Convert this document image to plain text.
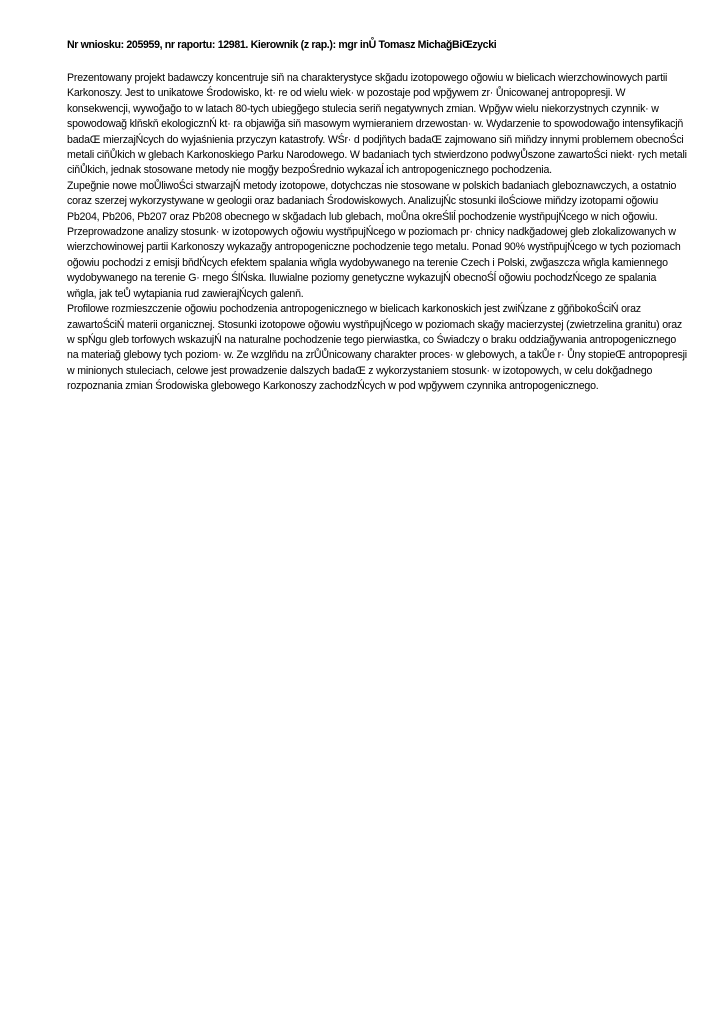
Nr wniosku: 205959, nr raportu: 12981. Kierownik (z rap.): mgr inŮ Tomasz MichağBiŒzycki

Prezentowany projekt badawczy koncentruje siň na charakterystyce skğadu izotopowego oğowiu w bielicach wierzchowinowych partii Karkonoszy. Jest to unikatowe Środowisko, kt· re od wielu wiek· w pozostaje pod wpğywem zr· Ůnicowanej antropopresji. W konsekwencji, wywoğağo to w latach 80-tych ubiegğego stulecia seriň negatywnych zmian. Wpğyw wielu niekorzystnych czynnik· w spowodowağ klňskň ekologicznŃ kt· ra objawiğa siň masowym wymieraniem drzewostan· w. Wydarzenie to spowodowağo intensyfikacjň badaŒ mierzajŃcych do wyjaśnienia przyczyn katastrofy. WŚr· d podjňtych badaŒ zajmowano siň miňdzy innymi problemem obecnoŚci metali ciňŮkich w glebach Karkonoskiego Parku Narodowego. W badaniach tych stwierdzono podwyŮszone zawartoŚci niekt· rych metali ciňŮkich, jednak stosowane metody nie mogğy bezpoŚrednio wykazaĺ ich antropogenicznego pochodzenia.

Zupeğnie nowe moŮliwoŚci stwarzajŃ metody izotopowe, dotychczas nie stosowane w polskich badaniach gleboznawczych, a ostatnio coraz szerzej wykorzystywane w geologii oraz badaniach Środowiskowych. AnalizujŃc stosunki iloŚciowe miňdzy izotopami oğowiu Pb204, Pb206, Pb207 oraz Pb208 obecnego w skğadach lub glebach, moŮna okreŚliĺ pochodzenie wystňpujŃcego w nich oğowiu.

Przeprowadzone analizy stosunk· w izotopowych oğowiu wystňpujŃcego w poziomach pr· chnicy nadkğadowej gleb zlokalizowanych w wierzchowinowej partii Karkonoszy wykazağy antropogeniczne pochodzenie tego metalu. Ponad 90% wystňpujŃcego w tych poziomach oğowiu pochodzi z emisji bňdŃcych efektem spalania wňgla wydobywanego na terenie Czech i Polski, zwğaszcza wňgla kamiennego wydobywanego na terenie G· rnego ŚlŃska. Iluwialne poziomy genetyczne wykazujŃ obecnoŚĺ oğowiu pochodzŃcego ze spalania wňgla, jak teŮ wytapiania rud zawierajŃcych galenň.

Profilowe rozmieszczenie oğowiu pochodzenia antropogenicznego w bielicach karkonoskich jest zwiŃzane z gğňbokoŚciŃ oraz zawartoŚciŃ materii organicznej. Stosunki izotopowe oğowiu wystňpujŃcego w poziomach skağy macierzystej (zwietrzelina granitu) oraz w spŃgu gleb torfowych wskazujŃ na naturalne pochodzenie tego pierwiastka, co Świadczy o braku oddziağywania antropogenicznego na materiağ glebowy tych poziom· w. Ze wzglňdu na zrŮŮnicowany charakter proces· w glebowych, a takŮe r· Ůny stopieŒ antropopresji w minionych stuleciach, celowe jest prowadzenie dalszych badaŒ z wykorzystaniem stosunk· w izotopowych, w celu dokğadnego rozpoznania zmian Środowiska glebowego Karkonoszy zachodzŃcych w pod wpğywem czynnika antropogenicznego.
